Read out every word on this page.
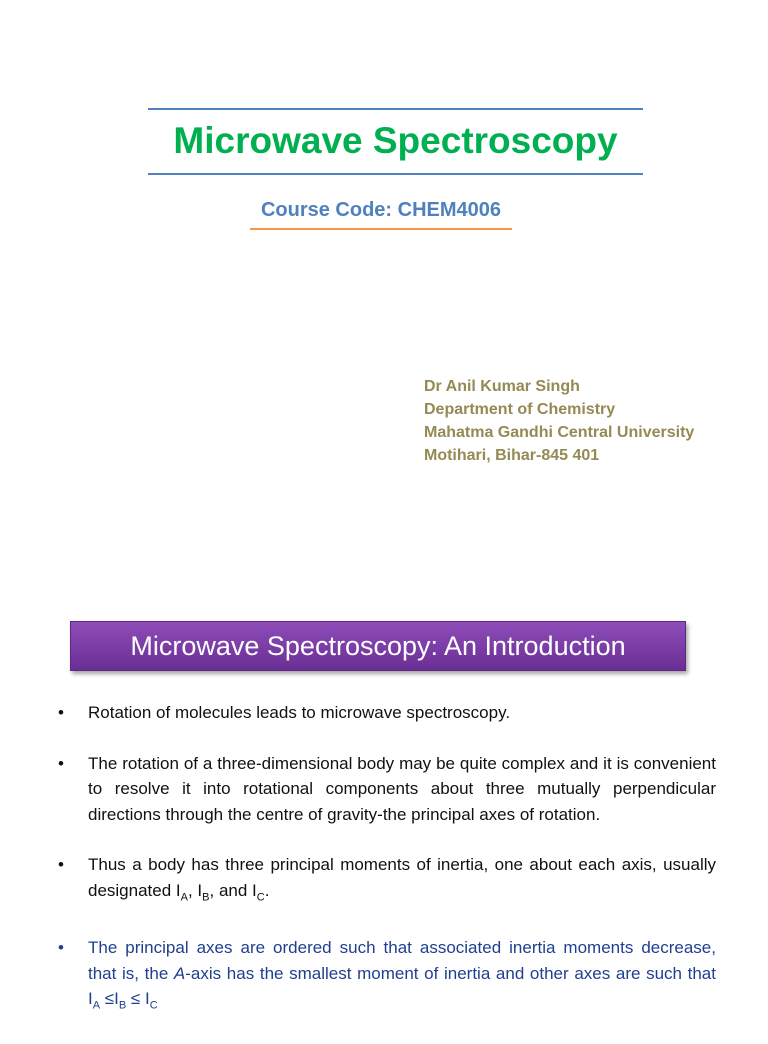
Microwave Spectroscopy
Course Code: CHEM4006
Dr Anil Kumar Singh
Department of Chemistry
Mahatma Gandhi Central University
Motihari, Bihar-845 401
Microwave Spectroscopy: An Introduction
• Rotation of molecules leads to microwave spectroscopy.
• The rotation of a three-dimensional body may be quite complex and it is convenient to resolve it into rotational components about three mutually perpendicular directions through the centre of gravity-the principal axes of rotation.
• Thus a body has three principal moments of inertia, one about each axis, usually designated $I_A$, $I_B$, and $I_C$.
• The principal axes are ordered such that associated inertia moments decrease, that is, the A-axis has the smallest moment of inertia and other axes are such that $I_A \le I_B \le I_C$
